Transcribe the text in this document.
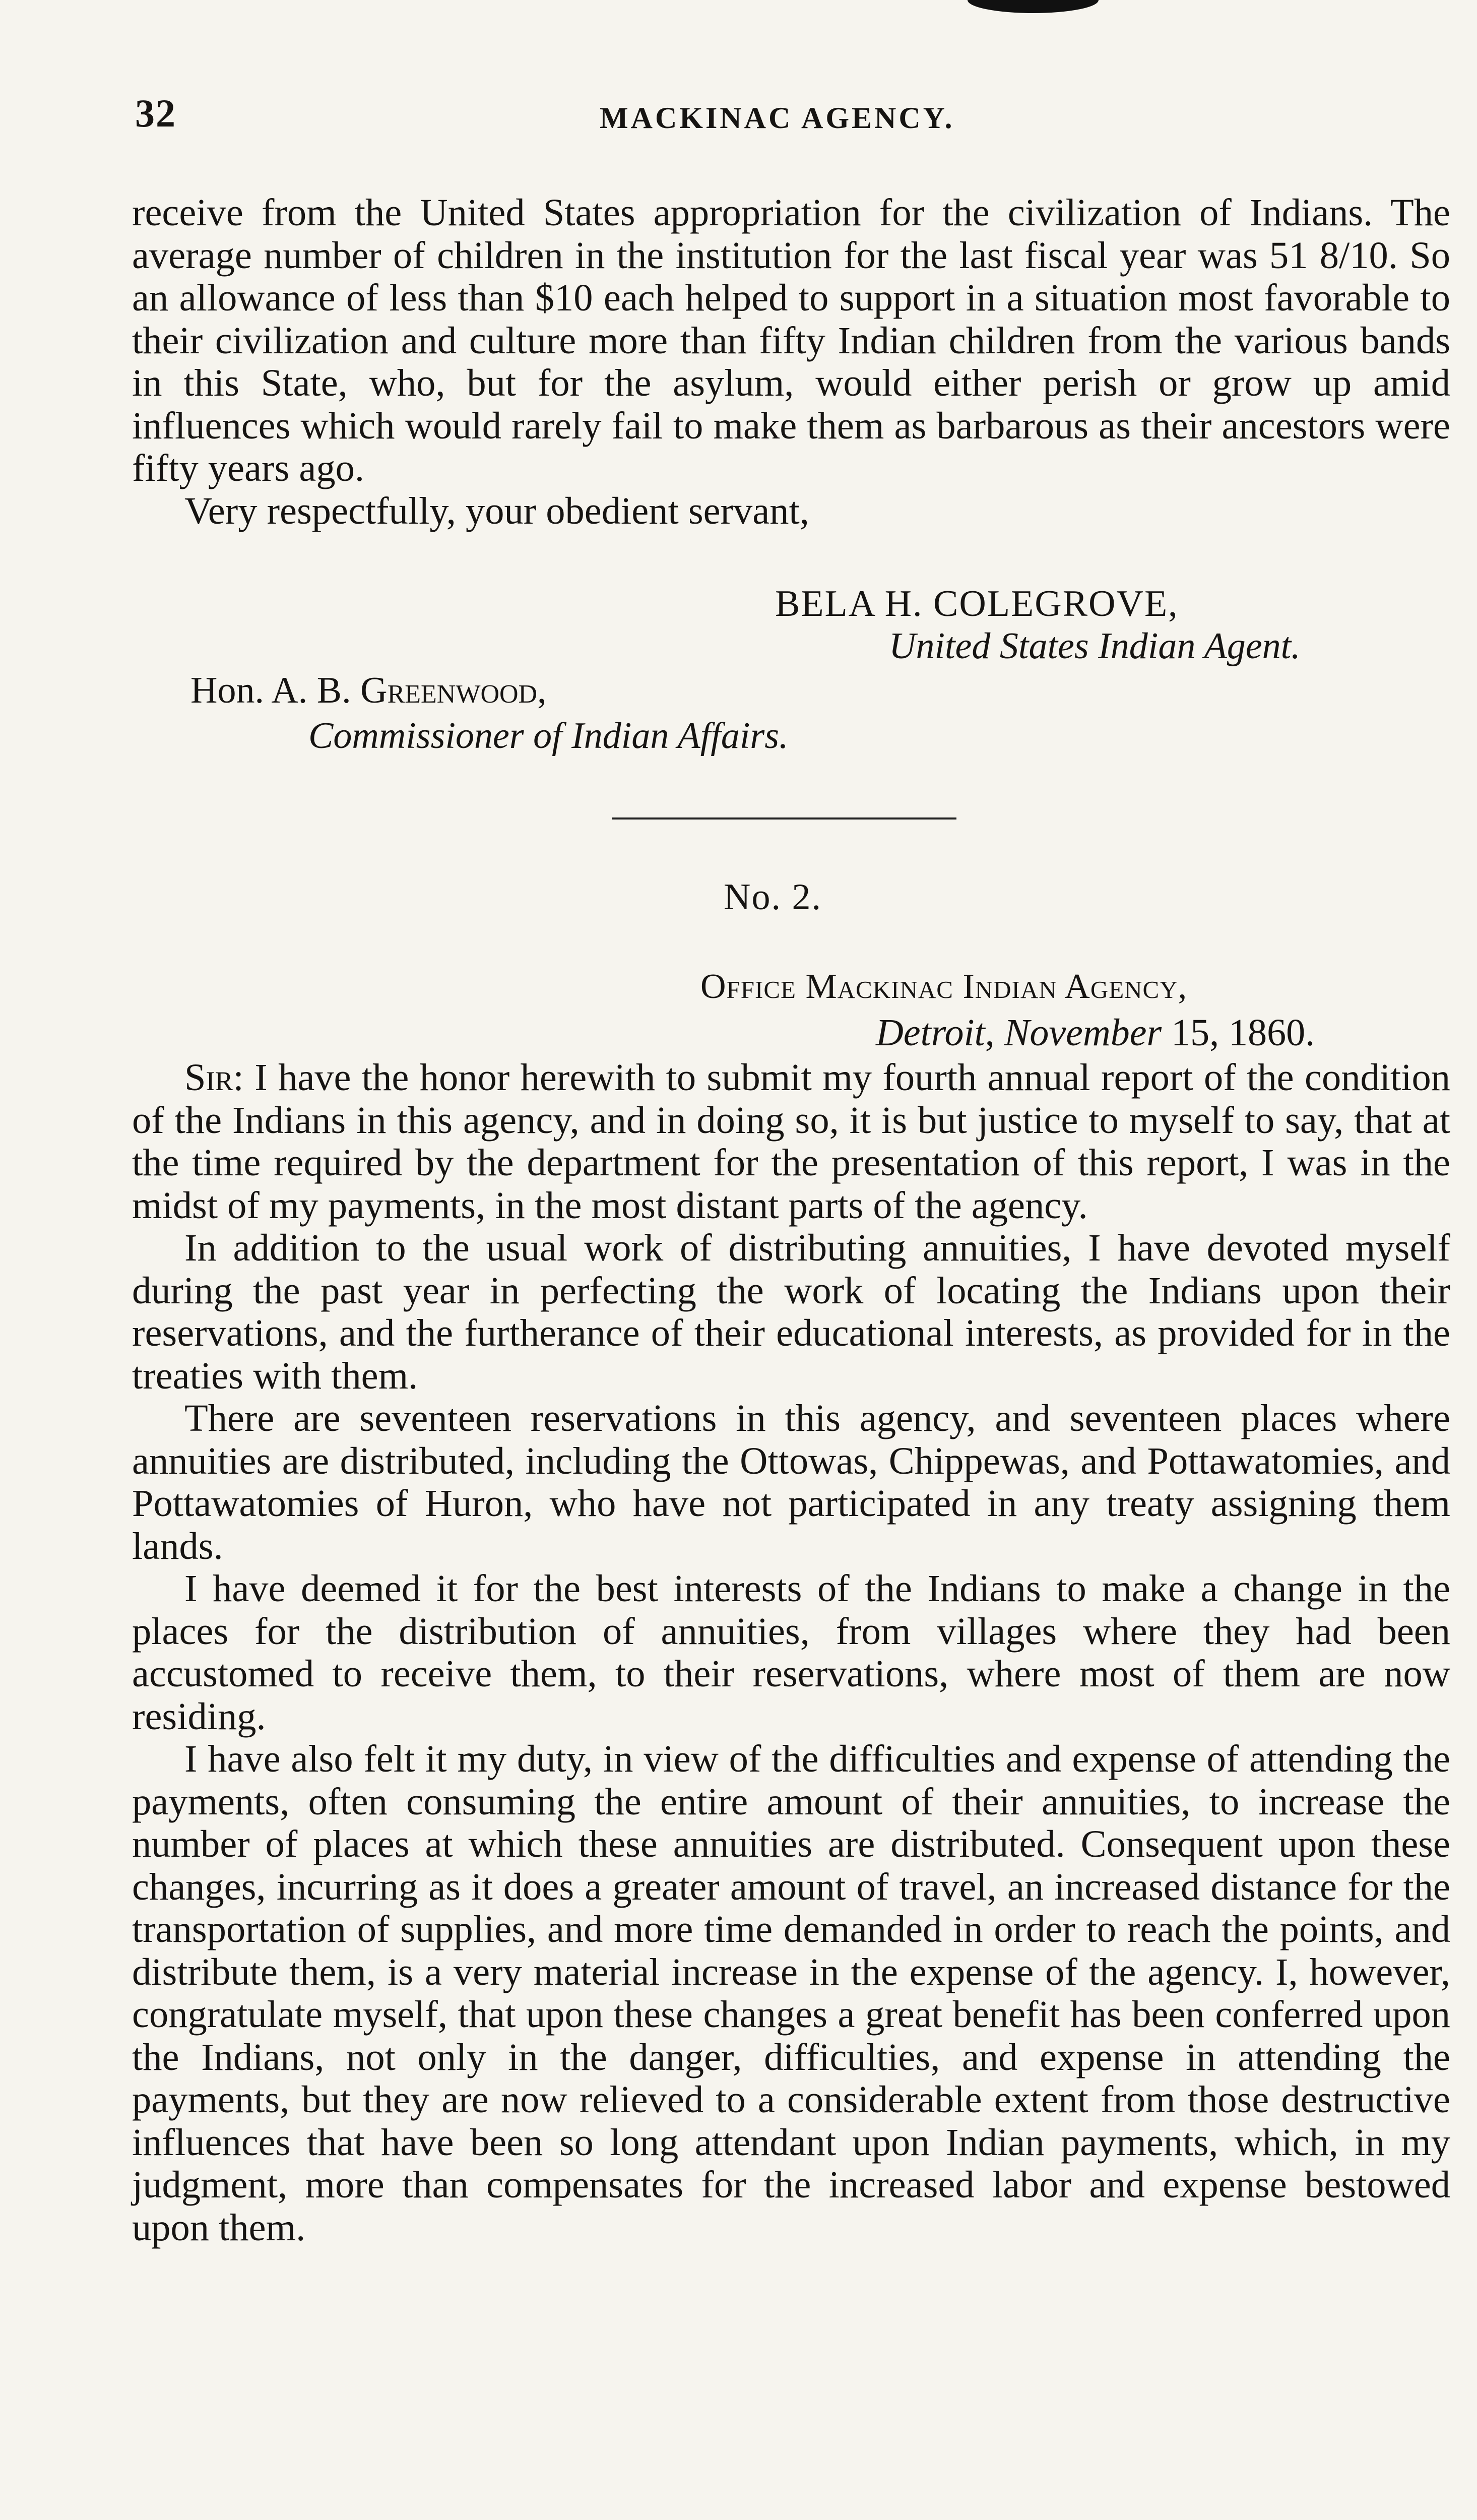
32	MACKINAC AGENCY.

receive from the United States appropriation for the civilization of Indians. The average number of children in the institution for the last fiscal year was 51 8/10. So an allowance of less than $10 each helped to support in a situation most favorable to their civilization and culture more than fifty Indian children from the various bands in this State, who, but for the asylum, would either perish or grow up amid influences which would rarely fail to make them as barbarous as their ancestors were fifty years ago.

Very respectfully, your obedient servant,

BELA H. COLEGROVE,
United States Indian Agent.
Hon. A. B. Greenwood,
Commissioner of Indian Affairs.
No. 2.
Office Mackinac Indian Agency,
Detroit, November 15, 1860.

Sir: I have the honor herewith to submit my fourth annual report of the condition of the Indians in this agency, and in doing so, it is but justice to myself to say, that at the time required by the department for the presentation of this report, I was in the midst of my payments, in the most distant parts of the agency.

In addition to the usual work of distributing annuities, I have devoted myself during the past year in perfecting the work of locating the Indians upon their reservations, and the furtherance of their educational interests, as provided for in the treaties with them.

There are seventeen reservations in this agency, and seventeen places where annuities are distributed, including the Ottowas, Chippewas, and Pottawatomies, and Pottawatomies of Huron, who have not participated in any treaty assigning them lands.

I have deemed it for the best interests of the Indians to make a change in the places for the distribution of annuities, from villages where they had been accustomed to receive them, to their reservations, where most of them are now residing.

I have also felt it my duty, in view of the difficulties and expense of attending the payments, often consuming the entire amount of their annuities, to increase the number of places at which these annuities are distributed. Consequent upon these changes, incurring as it does a greater amount of travel, an increased distance for the transportation of supplies, and more time demanded in order to reach the points, and distribute them, is a very material increase in the expense of the agency. I, however, congratulate myself, that upon these changes a great benefit has been conferred upon the Indians, not only in the danger, difficulties, and expense in attending the payments, but they are now relieved to a considerable extent from those destructive influences that have been so long attendant upon Indian payments, which, in my judgment, more than compensates for the increased labor and expense bestowed upon them.
